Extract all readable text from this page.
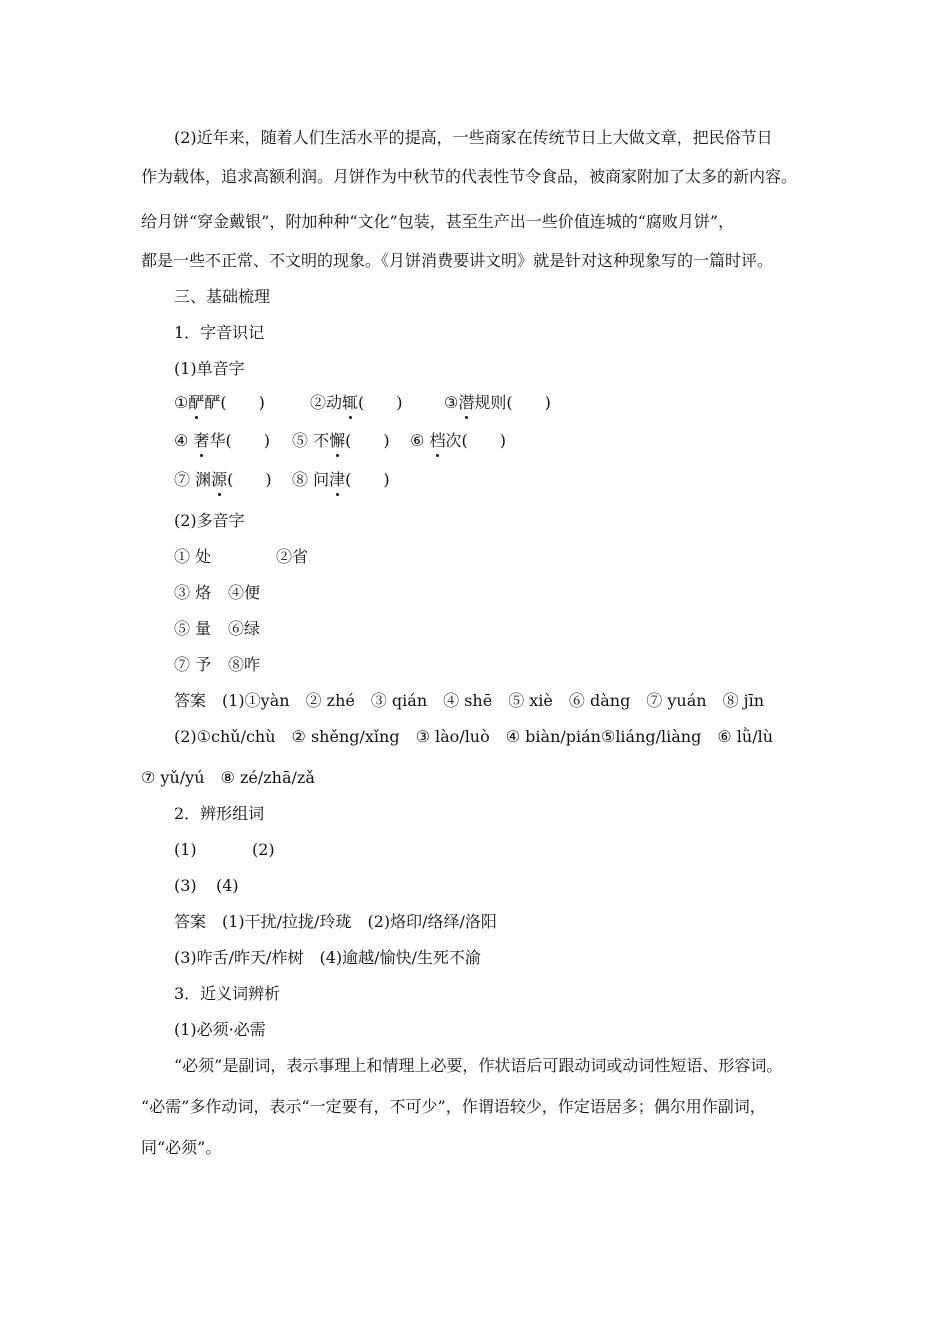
(2)近年来，随着人们生活水平的提高，一些商家在传统节日上大做文章，把民俗节日
作为载体，追求高额利润。月饼作为中秋节的代表性节令食品，被商家附加了太多的新内容。
给月饼“穿金戴银”，附加种种“文化”包装，甚至生产出一些价值连城的“腐败月饼”，
都是一些不正常、不文明的现象。《月饼消费要讲文明》就是针对这种现象写的一篇时评。
三、基础梳理
1．字音识记
(1)单音字
①酽酽(　　)	②动辄(　　)	③潜规则(　　)
④ 奢华(　　) ⑤ 不懈(　　) ⑥ 档次(　　)
⑦ 渊源(　　) ⑧ 问津(　　)
(2)多音字
① 处	②省
③ 烙 ④便
⑤ 量 ⑥绿
⑦ 予 ⑧咋
答案　(1)①yàn　② zhé　③ qián　④ shē　⑤ xiè　⑥ dàng　⑦ yuán　⑧ jīn
(2)①chǔ/chù　② shěng/xǐng　③ lào/luò　④ biàn/pián⑤liáng/liàng　⑥ lǜ/lù
⑦ yǔ/yú　⑧ zé/zhā/zǎ
2．辨形组词
(1)	(2)
(3) (4)
答案　(1)干扰/拉拢/玲珑　(2)烙印/络绎/洛阳
(3)咋舌/昨天/柞树　(4)逾越/愉快/生死不渝
3．近义词辨析
(1)必须·必需
“必须”是副词，表示事理上和情理上必要，作状语后可跟动词或动词性短语、形容词。
“必需”多作动词，表示“一定要有，不可少”，作谓语较少，作定语居多；偶尔用作副词，
同“必须”。
